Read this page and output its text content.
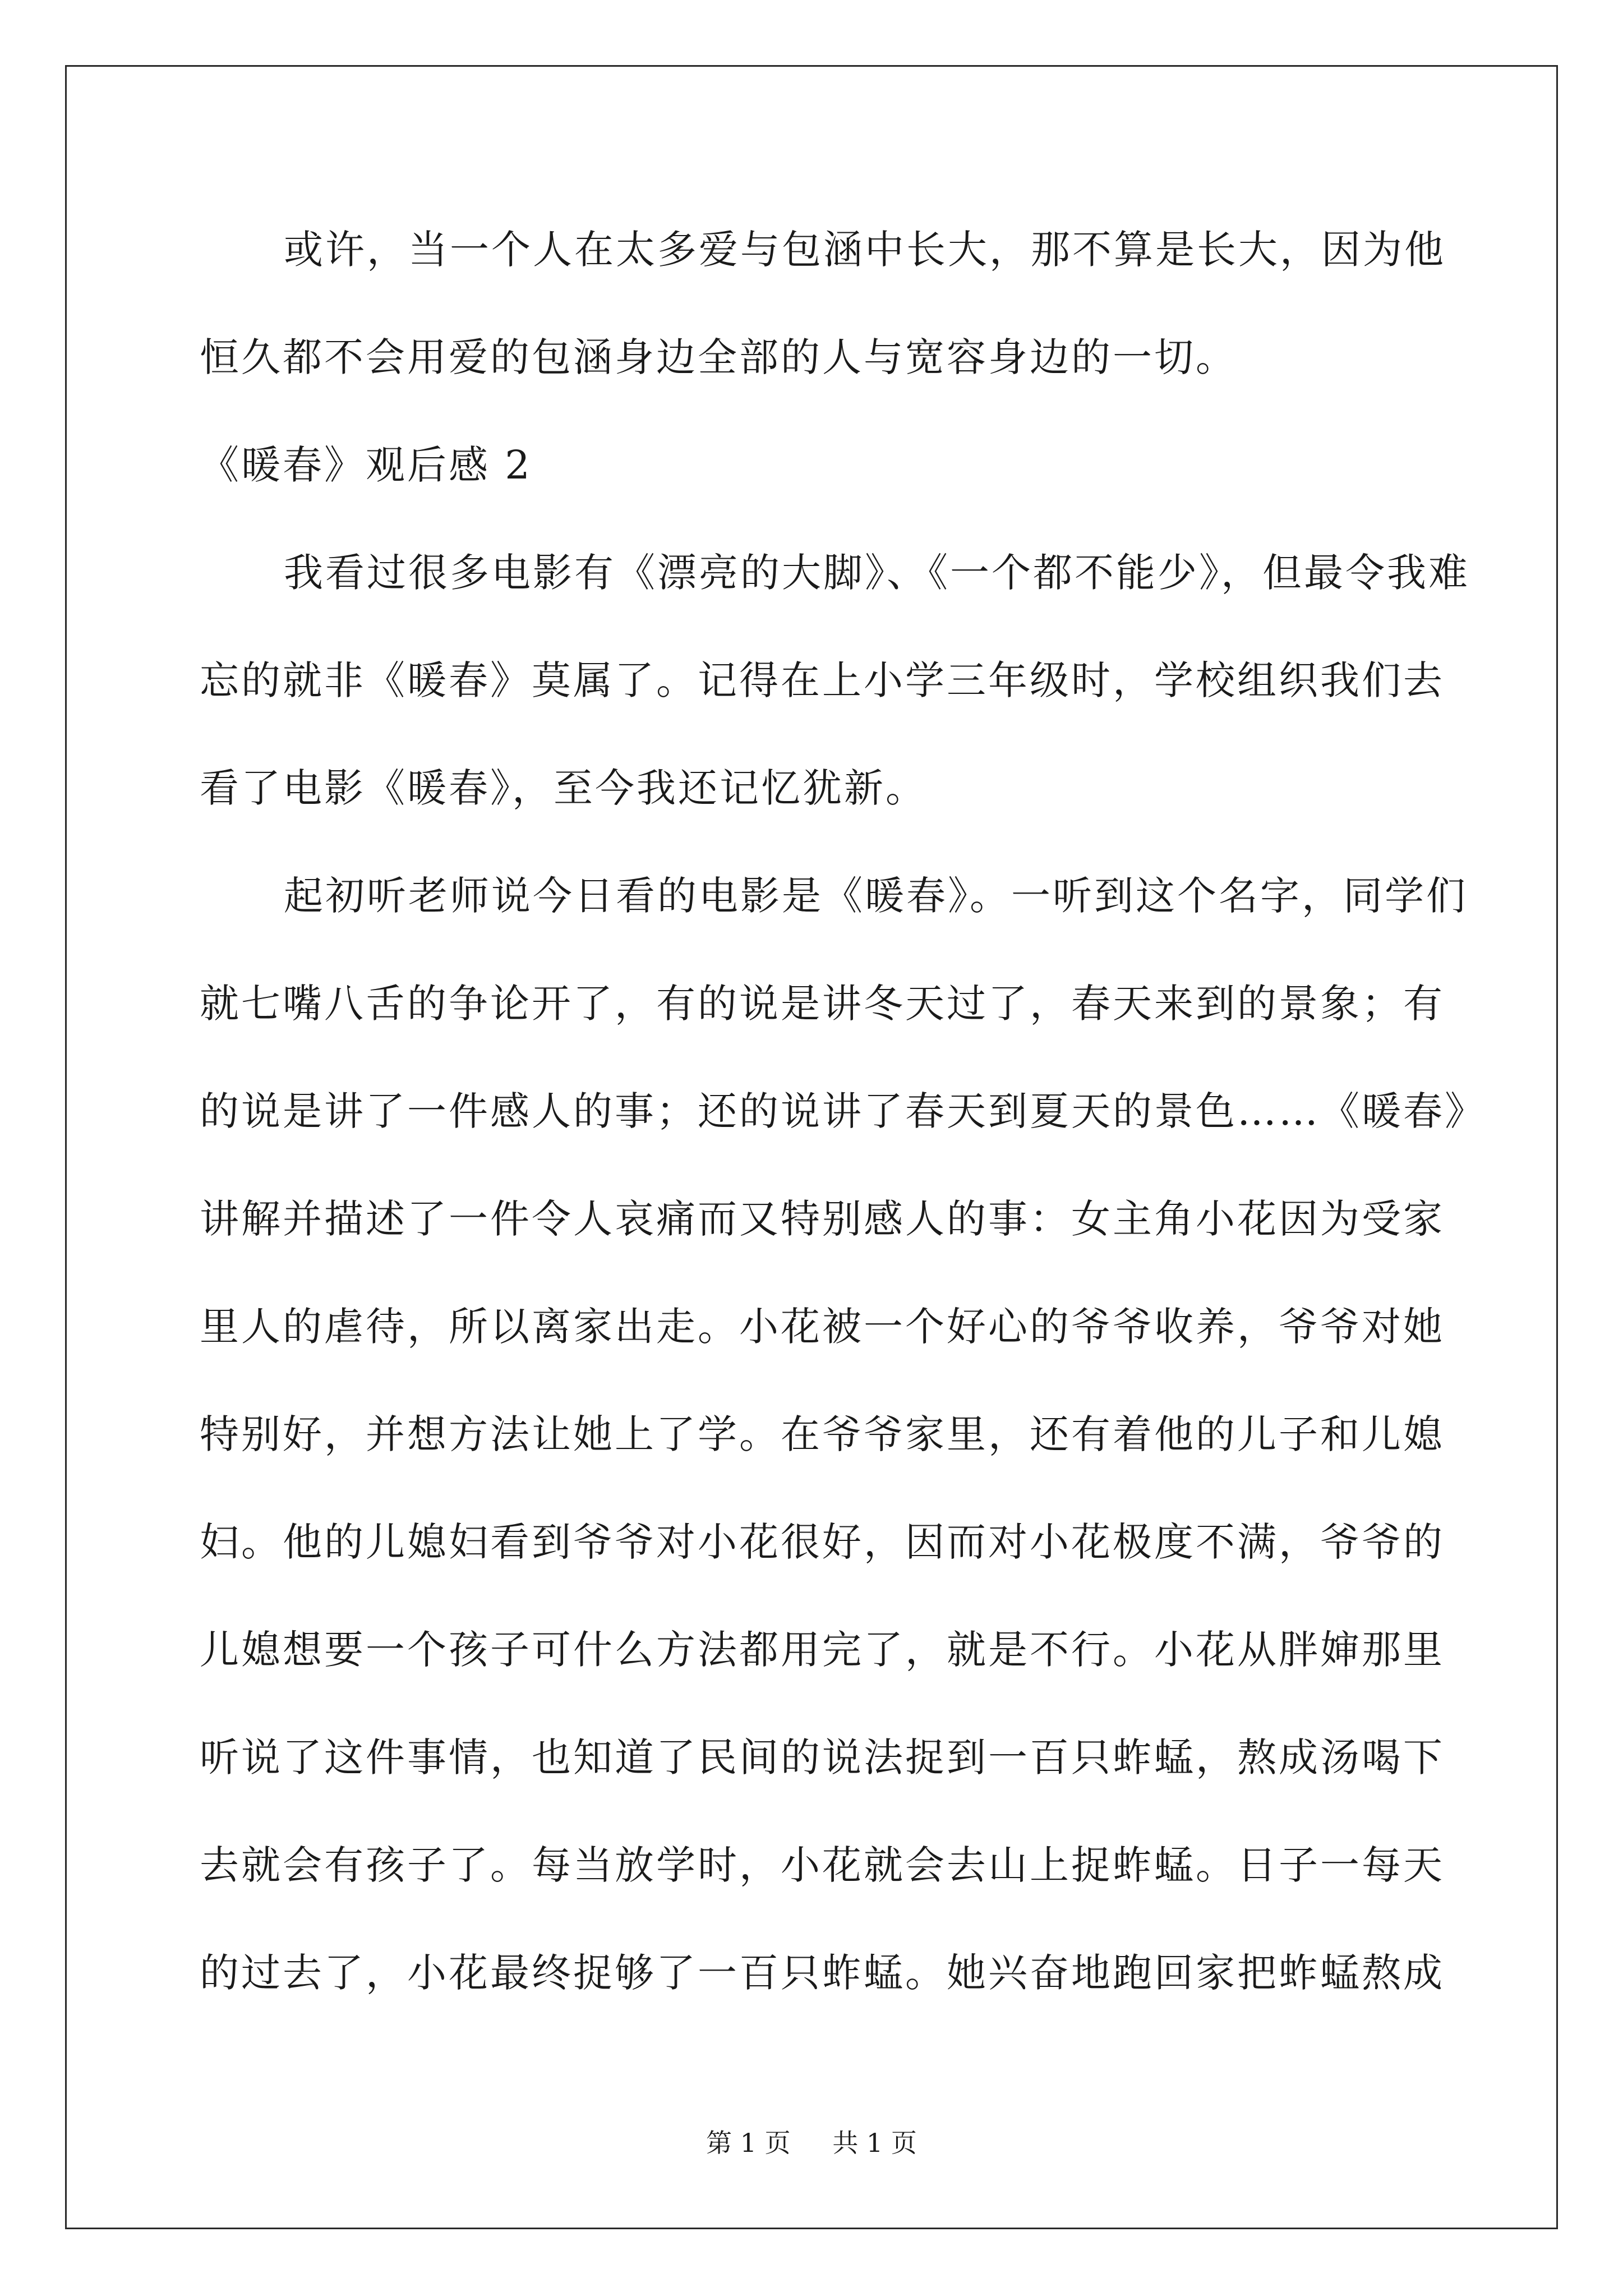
或许，当一个人在太多爱与包涵中长大，那不算是长大，因为他
恒久都不会用爱的包涵身边全部的人与宽容身边的一切。
《暖春》观后感 2
我看过很多电影有《漂亮的大脚》、《一个都不能少》，但最令我难
忘的就非《暖春》莫属了。记得在上小学三年级时，学校组织我们去
看了电影《暖春》，至今我还记忆犹新。
起初听老师说今日看的电影是《暖春》。一听到这个名字，同学们
就七嘴八舌的争论开了，有的说是讲冬天过了，春天来到的景象；有
的说是讲了一件感人的事；还的说讲了春天到夏天的景色……《暖春》
讲解并描述了一件令人哀痛而又特别感人的事：女主角小花因为受家
里人的虐待，所以离家出走。小花被一个好心的爷爷收养，爷爷对她
特别好，并想方法让她上了学。在爷爷家里，还有着他的儿子和儿媳
妇。他的儿媳妇看到爷爷对小花很好，因而对小花极度不满，爷爷的
儿媳想要一个孩子可什么方法都用完了，就是不行。小花从胖婶那里
听说了这件事情，也知道了民间的说法捉到一百只蚱蜢，熬成汤喝下
去就会有孩子了。每当放学时，小花就会去山上捉蚱蜢。日子一每天
的过去了，小花最终捉够了一百只蚱蜢。她兴奋地跑回家把蚱蜢熬成
第 1 页 共 1 页
